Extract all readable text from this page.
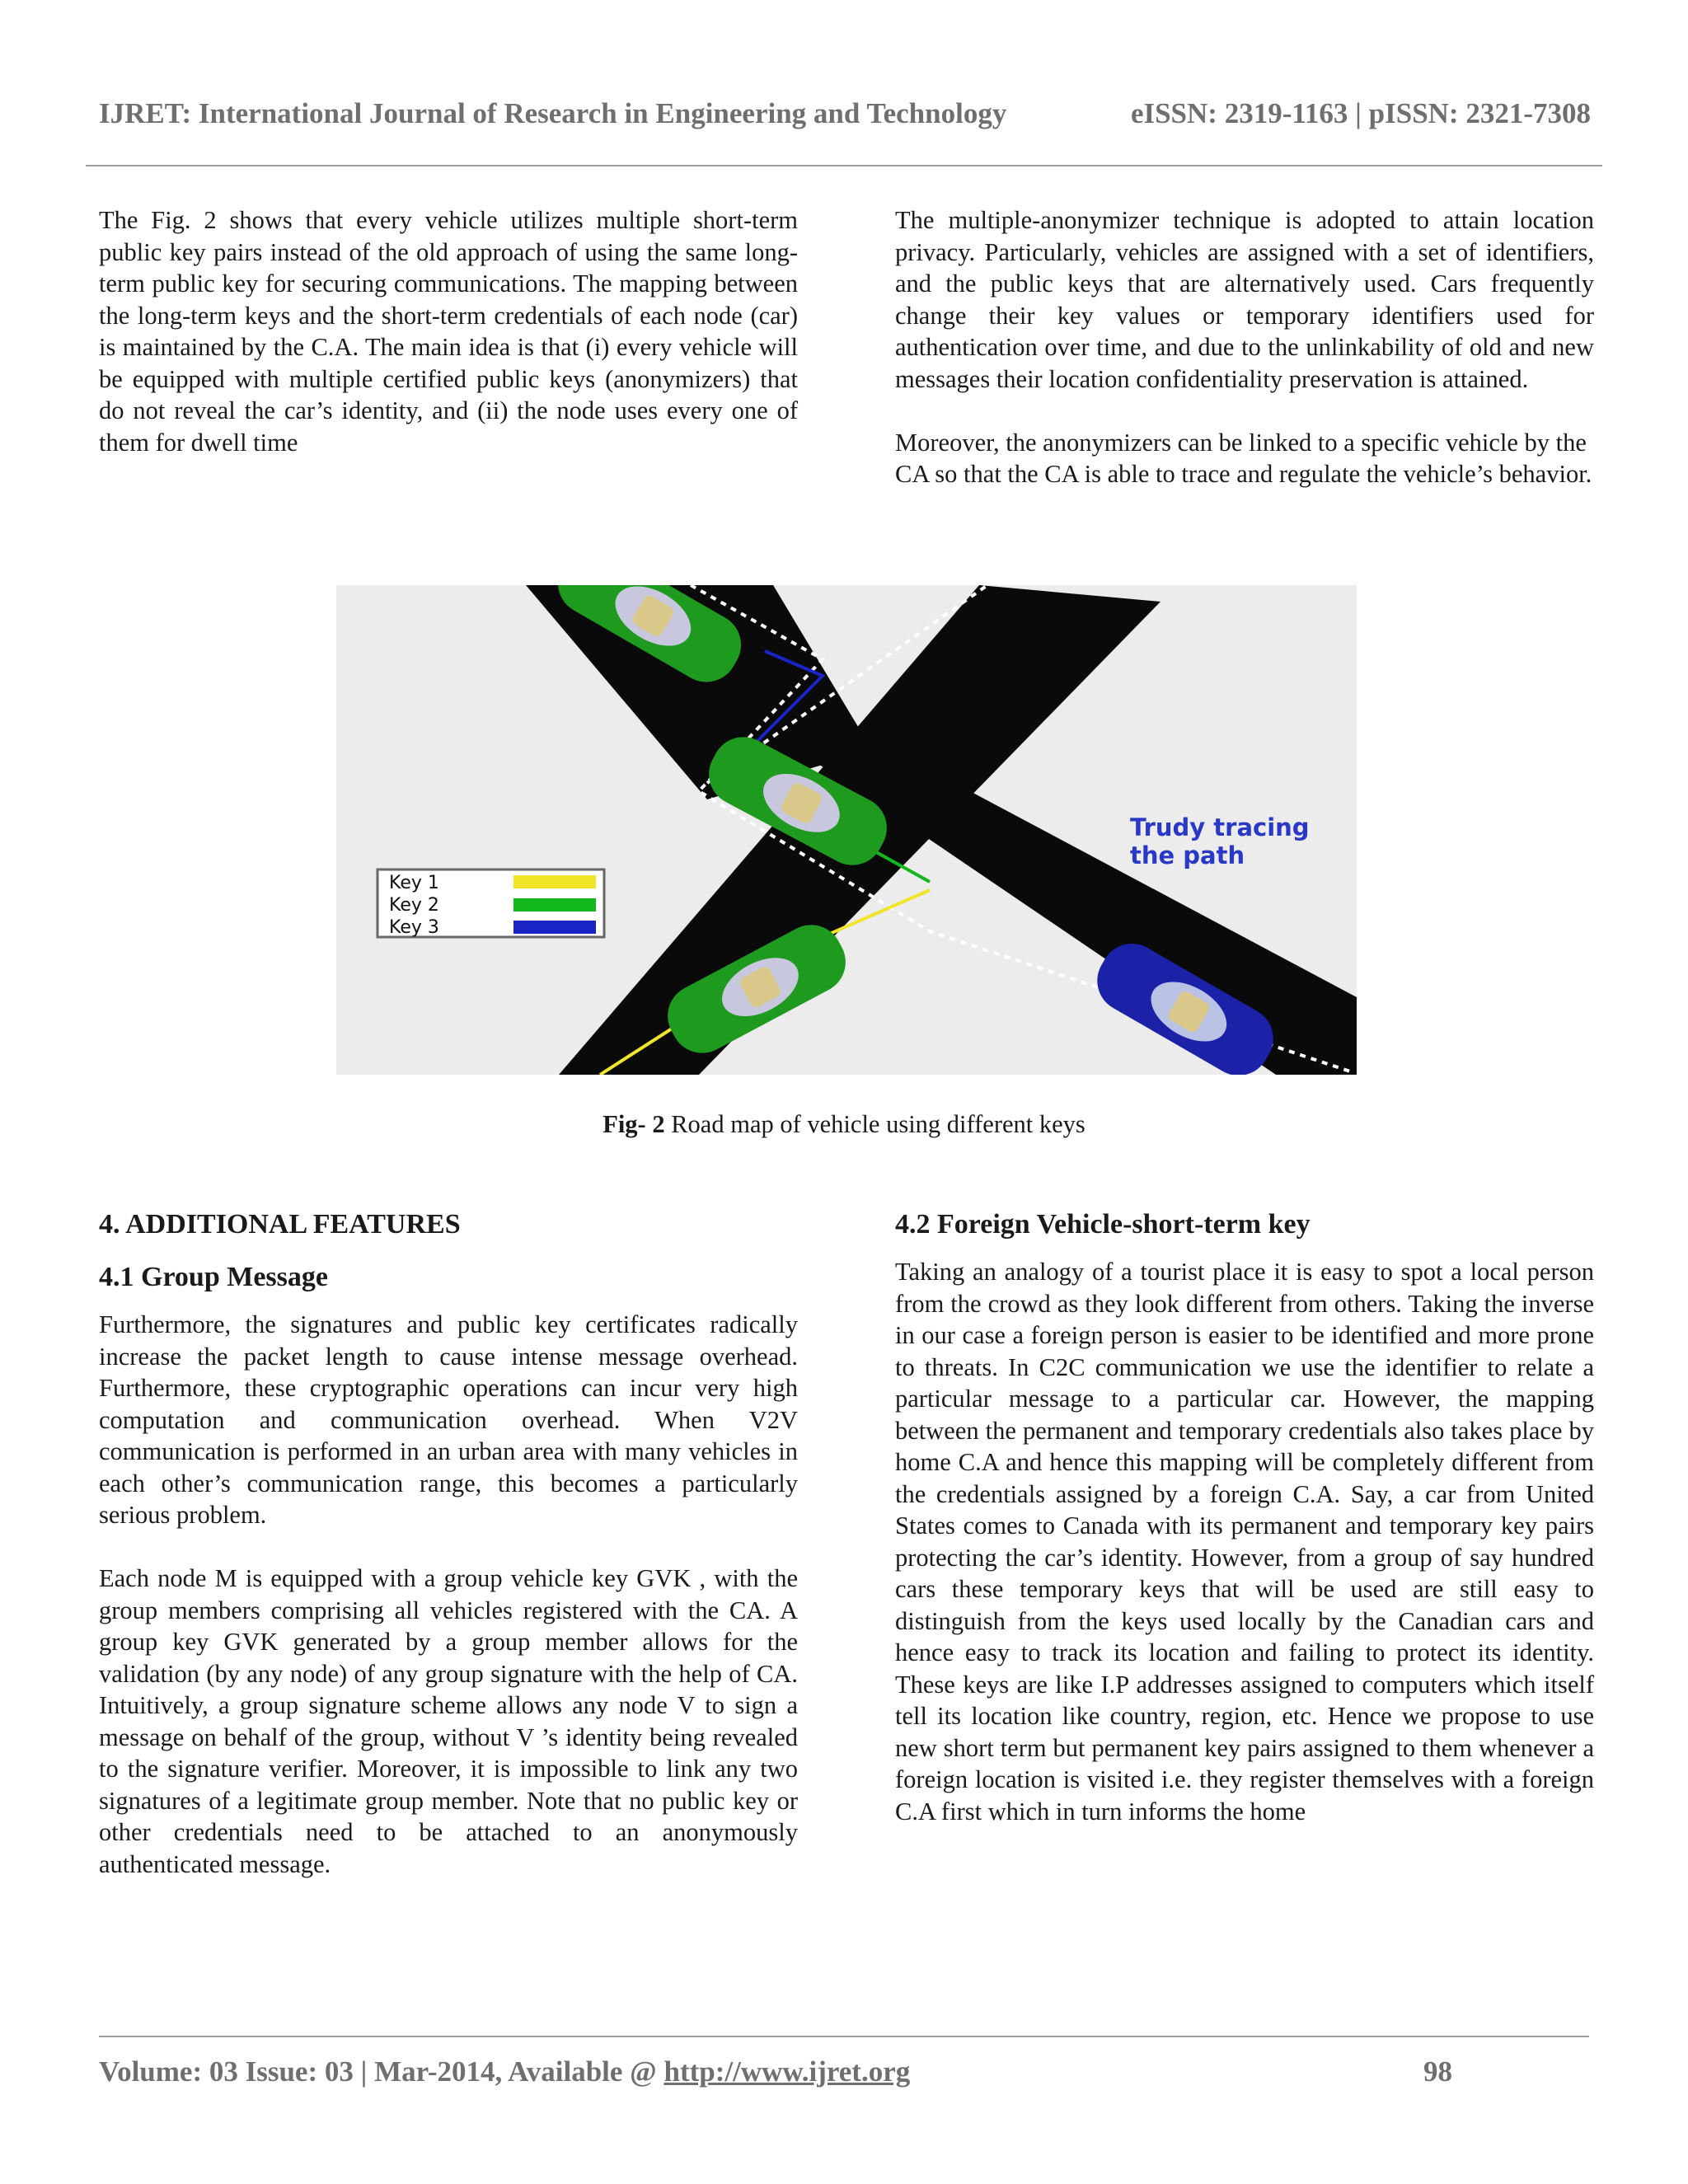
IJRET: International Journal of Research in Engineering and Technology	eISSN: 2319-1163 | pISSN: 2321-7308

The Fig. 2 shows that every vehicle utilizes multiple short-term public key pairs instead of the old approach of using the same long-term public key for securing communications. The mapping between the long-term keys and the short-term credentials of each node (car) is maintained by the C.A. The main idea is that (i) every vehicle will be equipped with multiple certified public keys (anonymizers) that do not reveal the car’s identity, and (ii) the node uses every one of them for dwell time

The multiple-anonymizer technique is adopted to attain location privacy. Particularly, vehicles are assigned with a set of identifiers, and the public keys that are alternatively used. Cars frequently change their key values or temporary identifiers used for authentication over time, and due to the unlinkability of old and new messages their location confidentiality preservation is attained.

Moreover, the anonymizers can be linked to a specific vehicle by the CA so that the CA is able to trace and regulate the vehicle’s behavior.

Key 1
Key 2
Key 3
Trudy tracing
the path
Fig- 2 Road map of vehicle using different keys
4. ADDITIONAL FEATURES
4.1 Group Message

Furthermore, the signatures and public key certificates radically increase the packet length to cause intense message overhead. Furthermore, these cryptographic operations can incur very high computation and communication overhead. When V2V communication is performed in an urban area with many vehicles in each other’s communication range, this becomes a particularly serious problem.

Each node M is equipped with a group vehicle key GVK , with the group members comprising all vehicles registered with the CA. A group key GVK generated by a group member allows for the validation (by any node) of any group signature with the help of CA. Intuitively, a group signature scheme allows any node V to sign a message on behalf of the group, without V ’s identity being revealed to the signature verifier. Moreover, it is impossible to link any two signatures of a legitimate group member. Note that no public key or other credentials need to be attached to an anonymously authenticated message.

4.2 Foreign Vehicle-short-term key

Taking an analogy of a tourist place it is easy to spot a local person from the crowd as they look different from others. Taking the inverse in our case a foreign person is easier to be identified and more prone to threats. In C2C communication we use the identifier to relate a particular message to a particular car. However, the mapping between the permanent and temporary credentials also takes place by home C.A and hence this mapping will be completely different from the credentials assigned by a foreign C.A. Say, a car from United States comes to Canada with its permanent and temporary key pairs protecting the car’s identity. However, from a group of say hundred cars these temporary keys that will be used are still easy to distinguish from the keys used locally by the Canadian cars and hence easy to track its location and failing to protect its identity. These keys are like I.P addresses assigned to computers which itself tell its location like country, region, etc. Hence we propose to use new short term but permanent key pairs assigned to them whenever a foreign location is visited i.e. they register themselves with a foreign C.A first which in turn informs the home

Volume: 03 Issue: 03 | Mar-2014, Available @ http://www.ijret.org	98
